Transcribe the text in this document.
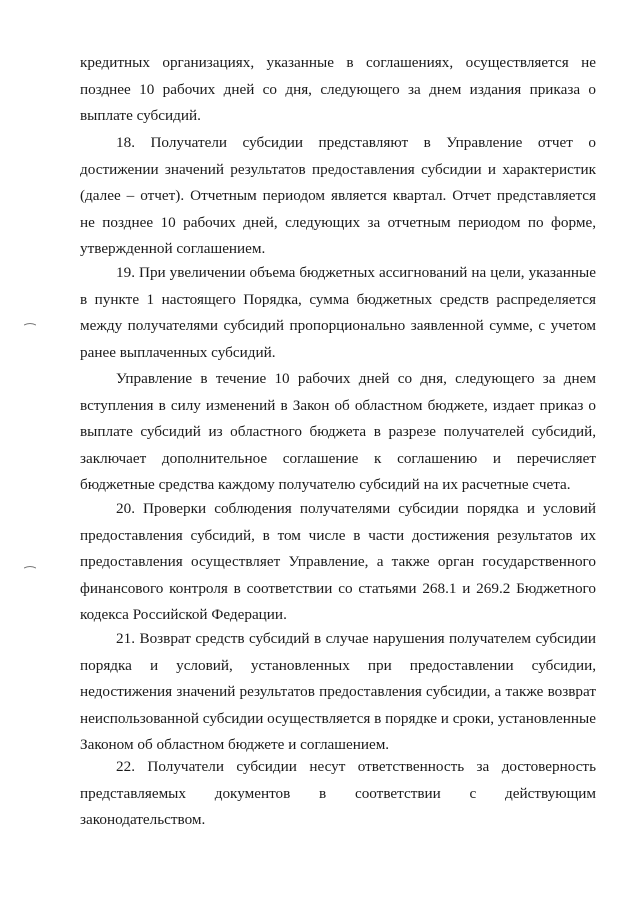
кредитных организациях, указанные в соглашениях, осуществляется не позднее 10 рабочих дней со дня, следующего за днем издания приказа о выплате субсидий.

18. Получатели субсидии представляют в Управление отчет о достижении значений результатов предоставления субсидии и характеристик (далее – отчет). Отчетным периодом является квартал. Отчет представляется не позднее 10 рабочих дней, следующих за отчетным периодом по форме, утвержденной соглашением.

19. При увеличении объема бюджетных ассигнований на цели, указанные в пункте 1 настоящего Порядка, сумма бюджетных средств распределяется между получателями субсидий пропорционально заявленной сумме, с учетом ранее выплаченных субсидий.

Управление в течение 10 рабочих дней со дня, следующего за днем вступления в силу изменений в Закон об областном бюджете, издает приказ о выплате субсидий из областного бюджета в разрезе получателей субсидий, заключает дополнительное соглашение к соглашению и перечисляет бюджетные средства каждому получателю субсидий на их расчетные счета.

20. Проверки соблюдения получателями субсидии порядка и условий предоставления субсидий, в том числе в части достижения результатов их предоставления осуществляет Управление, а также орган государственного финансового контроля в соответствии со статьями 268.1 и 269.2 Бюджетного кодекса Российской Федерации.

21. Возврат средств субсидий в случае нарушения получателем субсидии порядка и условий, установленных при предоставлении субсидии, недостижения значений результатов предоставления субсидии, а также возврат неиспользованной субсидии осуществляется в порядке и сроки, установленные Законом об областном бюджете и соглашением.

22. Получатели субсидии несут ответственность за достоверность представляемых документов в соответствии с действующим законодательством.
